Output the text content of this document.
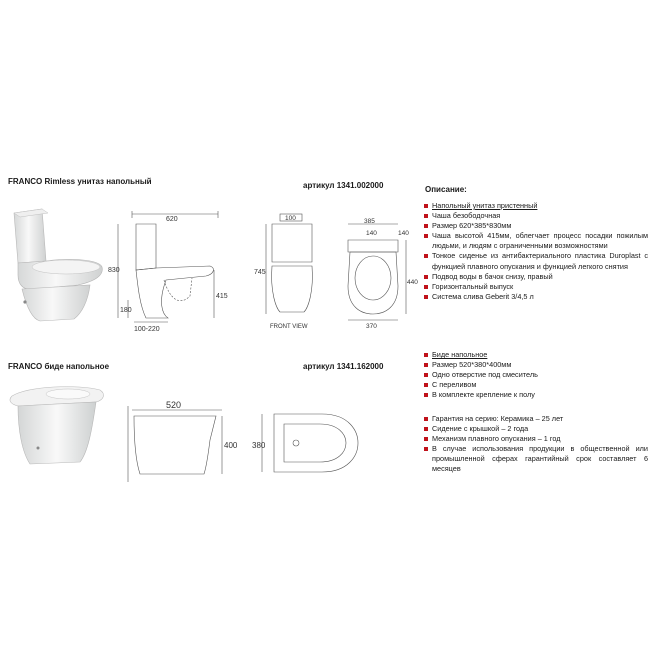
FRANCO Rimless унитаз напольный	артикул 1341.002000	Описание:
Напольный унитаз пристенный
Чаша безободочная
Размер 620*385*830мм
Чаша высотой 415мм, облегчает процесс посадки пожилым людьми, и людям с ограниченными возможностями
Тонкое сиденье из антибактериального пластика Duroplast с функцией плавного опускания и функцией легкого снятия
Подвод воды в бачок снизу, правый
Горизонтальный выпуск
Система слива Geberit 3/4,5 л
620
830
415
180
100-220
100
745
FRONT VIEW
385
140	140
440
370
FRANCO биде напольное	артикул 1341.162000
Биде напольное
Размер 520*380*400мм
Одно отверстие под смеситель
С переливом
В комплекте крепление к полу
Гарантия на серию: Керамика – 25 лет
Сидение с крышкой – 2 года
Механизм плавного опускания – 1 год
В случае использования продукции в общественной или промышленной сферах гарантийный срок составляет 6 месяцев
520
400 380
